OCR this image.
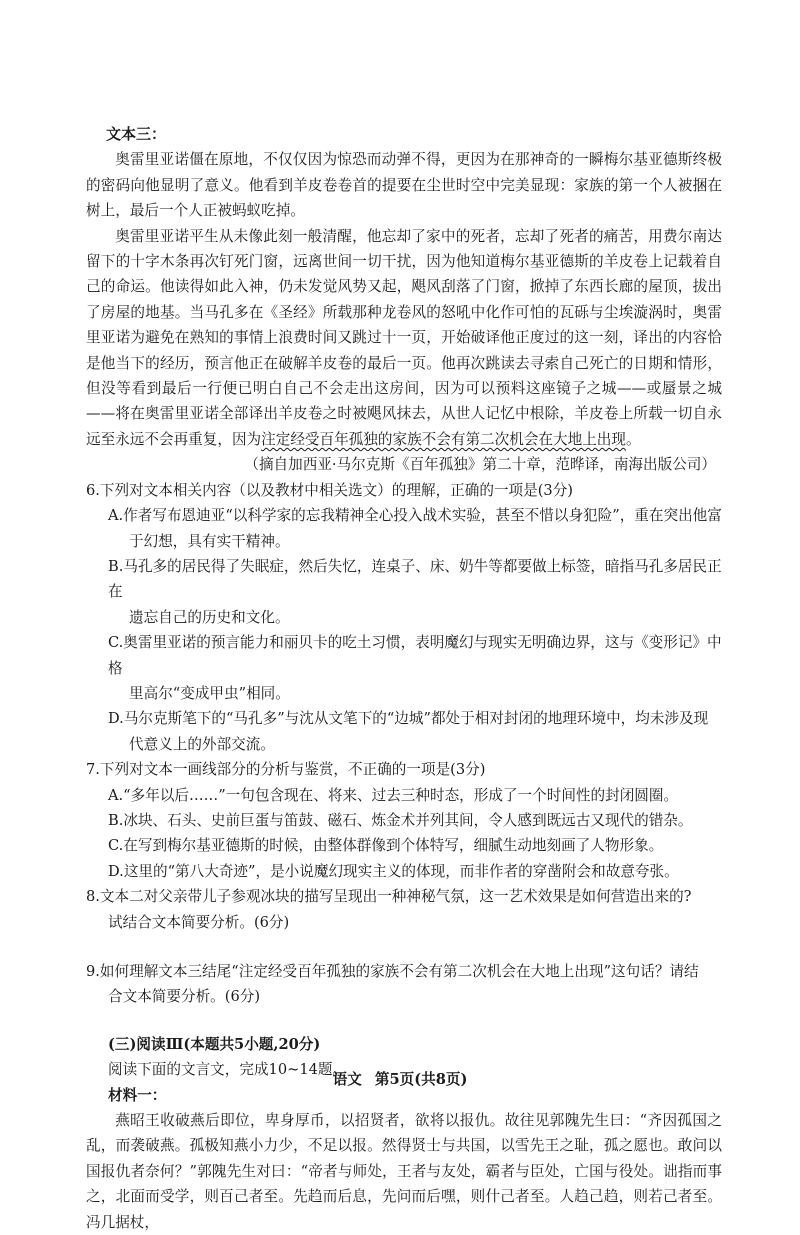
文本三：

奥雷里亚诺僵在原地，不仅仅因为惊恐而动弹不得，更因为在那神奇的一瞬梅尔基亚德斯终极的密码向他显明了意义。他看到羊皮卷卷首的提要在尘世时空中完美显现：家族的第一个人被捆在树上，最后一个人正被蚂蚁吃掉。

奥雷里亚诺平生从未像此刻一般清醒，他忘却了家中的死者，忘却了死者的痛苦，用费尔南达留下的十字木条再次钉死门窗，远离世间一切干扰，因为他知道梅尔基亚德斯的羊皮卷上记载着自己的命运。他读得如此入神，仍未发觉风势又起，飓风刮落了门窗，掀掉了东西长廊的屋顶，拔出了房屋的地基。当马孔多在《圣经》所载那种龙卷风的怒吼中化作可怕的瓦砾与尘埃漩涡时，奥雷里亚诺为避免在熟知的事情上浪费时间又跳过十一页，开始破译他正度过的这一刻，译出的内容恰是他当下的经历，预言他正在破解羊皮卷的最后一页。他再次跳读去寻索自己死亡的日期和情形，但没等看到最后一行便已明白自己不会走出这房间，因为可以预料这座镜子之城——或蜃景之城——将在奥雷里亚诺全部译出羊皮卷之时被飓风抹去，从世人记忆中根除，羊皮卷上所载一切自永远至永远不会再重复，因为注定经受百年孤独的家族不会有第二次机会在大地上出现。

（摘自加西亚·马尔克斯《百年孤独》第二十章，范晔译，南海出版公司）

6.下列对文本相关内容（以及教材中相关选文）的理解，正确的一项是(3分)

A.作者写布恩迪亚“以科学家的忘我精神全心投入战术实验，甚至不惜以身犯险”，重在突出他富

于幻想，具有实干精神。

B.马孔多的居民得了失眠症，然后失忆，连桌子、床、奶牛等都要做上标签，暗指马孔多居民正在

遗忘自己的历史和文化。

C.奥雷里亚诺的预言能力和丽贝卡的吃土习惯，表明魔幻与现实无明确边界，这与《变形记》中格

里高尔“变成甲虫”相同。

D.马尔克斯笔下的“马孔多”与沈从文笔下的“边城”都处于相对封闭的地理环境中，均未涉及现

代意义上的外部交流。

7.下列对文本一画线部分的分析与鉴赏，不正确的一项是(3分)

A.“多年以后……”一句包含现在、将来、过去三种时态，形成了一个时间性的封闭圆圈。

B.冰块、石头、史前巨蛋与笛鼓、磁石、炼金术并列其间，令人感到既远古又现代的错杂。

C.在写到梅尔基亚德斯的时候，由整体群像到个体特写，细腻生动地刻画了人物形象。

D.这里的“第八大奇迹”，是小说魔幻现实主义的体现，而非作者的穿凿附会和故意夸张。

8.文本二对父亲带儿子参观冰块的描写呈现出一种神秘气氛，这一艺术效果是如何营造出来的?

试结合文本简要分析。(6分)

9.如何理解文本三结尾“注定经受百年孤独的家族不会有第二次机会在大地上出现”这句话？请结

合文本简要分析。(6分)

(三)阅读Ⅲ(本题共5小题,20分)

阅读下面的文言文，完成10~14题。

材料一：

燕昭王收破燕后即位，卑身厚币，以招贤者，欲将以报仇。故往见郭隗先生曰：“齐因孤国之乱，而袭破燕。孤极知燕小力少，不足以报。然得贤士与共国，以雪先王之耻，孤之愿也。敢问以国报仇者奈何？”郭隗先生对曰：“帝者与师处，王者与友处，霸者与臣处，亡国与役处。诎指而事之，北面而受学，则百己者至。先趋而后息，先问而后嘿，则什己者至。人趋己趋，则若己者至。冯几据杖，

语文 第5页(共8页)
